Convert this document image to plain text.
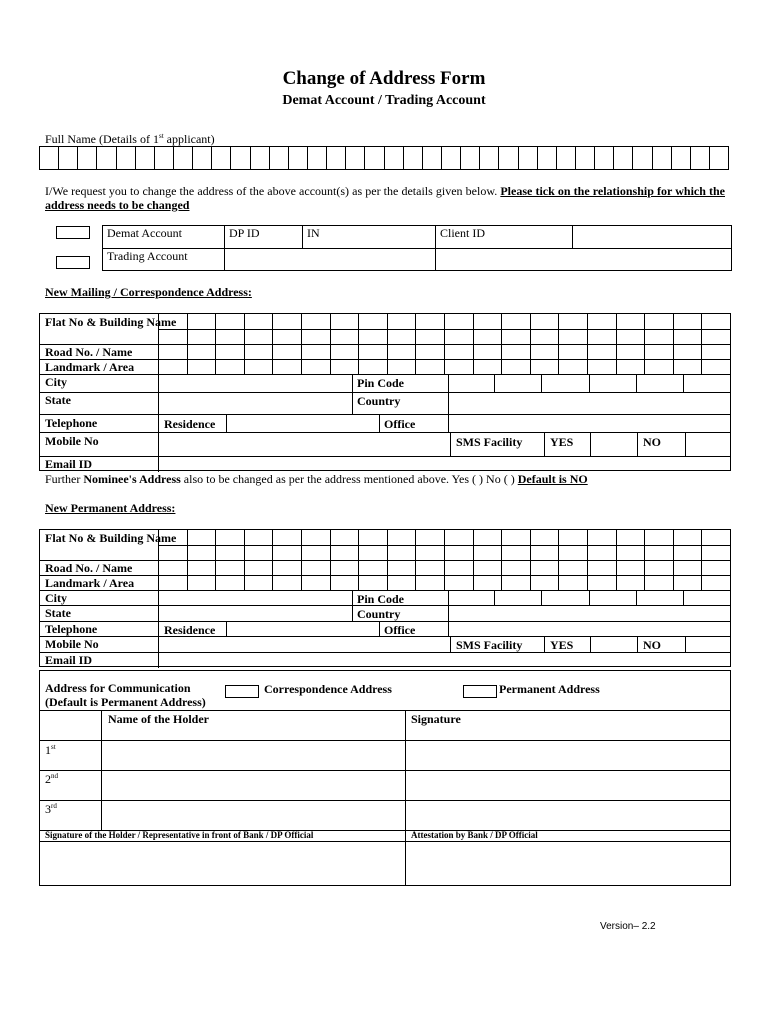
Change of Address Form
Demat Account / Trading Account
Full Name (Details of 1st applicant)
I/We request you to change the address of the above account(s) as per the details given below. Please tick on the relationship for which the address needs to be changed
Demat Account	DP ID	IN	Client ID	
Trading Account				
New Mailing / Correspondence Address:
Flat No & Building Name
Road No. / Name
Landmark / Area
City	Pin Code
State	Country
Telephone	Residence	Office
Mobile No	SMS Facility YES	NO
Email ID
Further Nominee's Address also to be changed as per the address mentioned above. Yes ( ) No ( ) Default is NO
New Permanent Address:
Flat No & Building Name
Road No. / Name
Landmark / Area
City	Pin Code
State	Country
Telephone	Residence	Office
Mobile No	SMS Facility YES	NO
Email ID
Address for Communication
(Default is Permanent Address)
Correspondence Address	Permanent Address
Name of the Holder	Signature
1st
2nd
3rd
Signature of the Holder / Representative in front of Bank / DP Official	Attestation by Bank / DP Official
Version– 2.2
